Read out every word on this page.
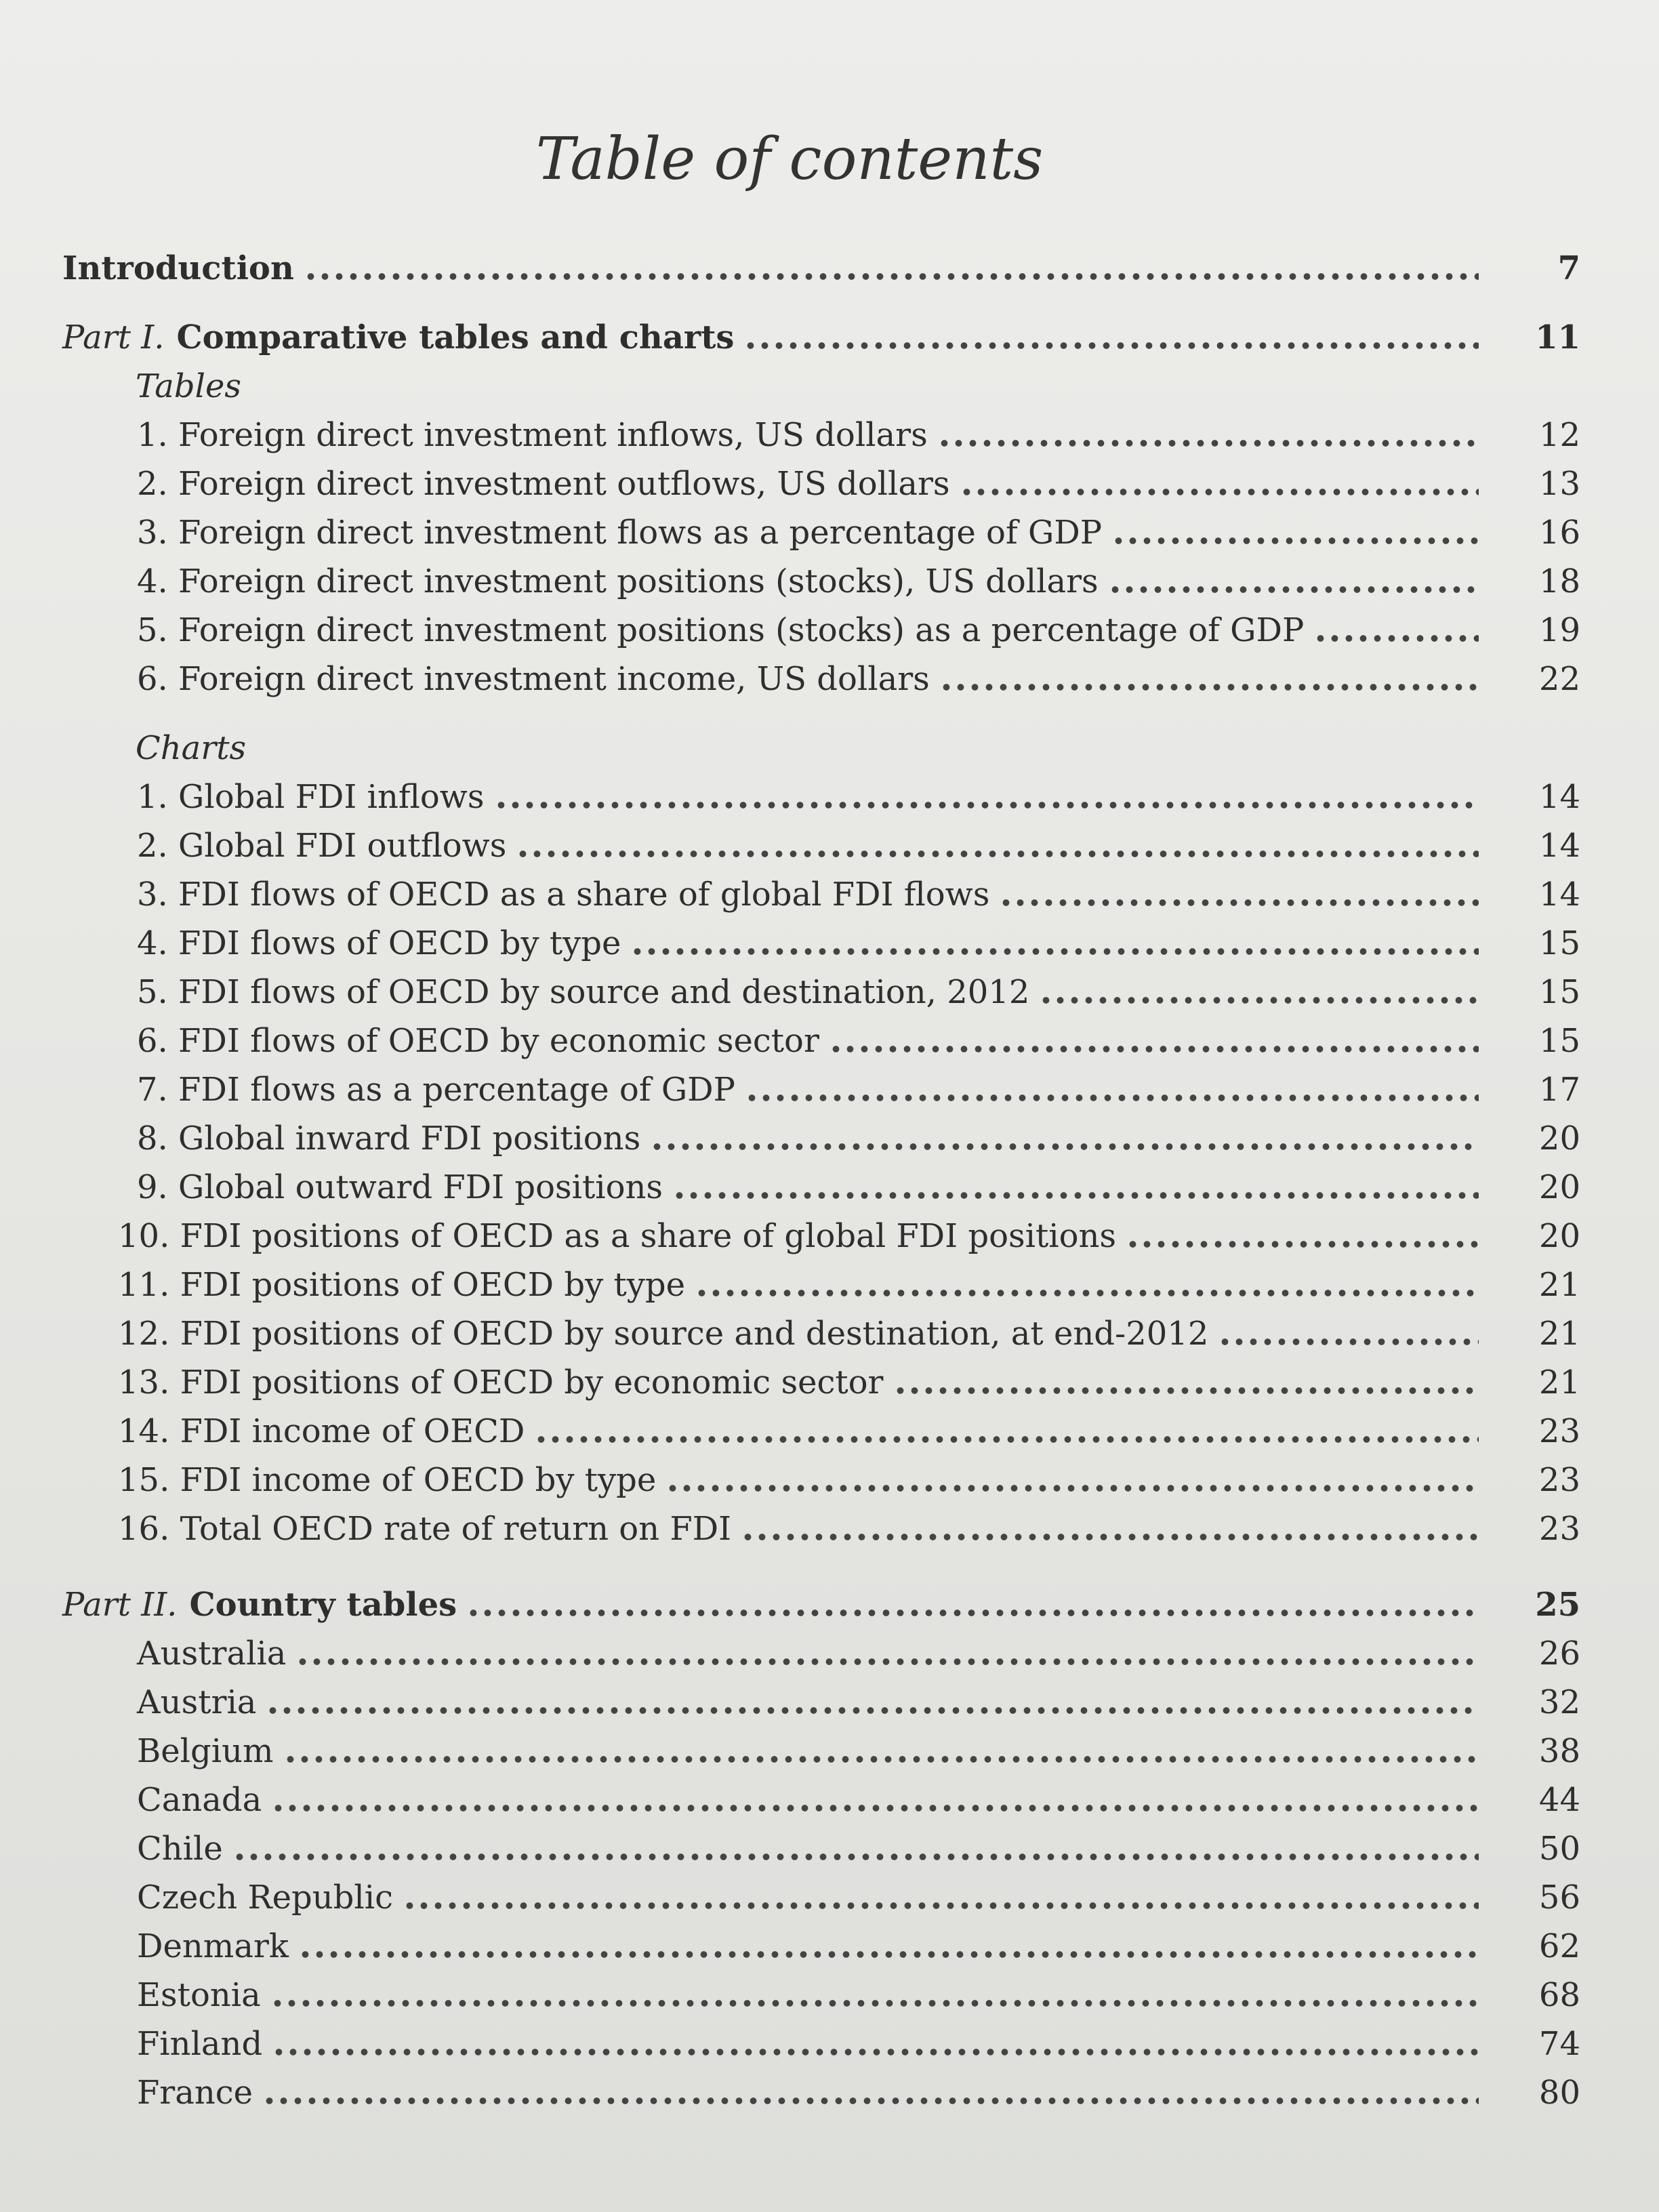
Table of contents
Introduction	7
Part I. Comparative tables and charts	11
Tables
1. Foreign direct investment inflows, US dollars	12
2. Foreign direct investment outflows, US dollars	13
3. Foreign direct investment flows as a percentage of GDP	16
4. Foreign direct investment positions (stocks), US dollars	18
5. Foreign direct investment positions (stocks) as a percentage of GDP	19
6. Foreign direct investment income, US dollars	22
Charts
1. Global FDI inflows	14
2. Global FDI outflows	14
3. FDI flows of OECD as a share of global FDI flows	14
4. FDI flows of OECD by type	15
5. FDI flows of OECD by source and destination, 2012	15
6. FDI flows of OECD by economic sector	15
7. FDI flows as a percentage of GDP	17
8. Global inward FDI positions	20
9. Global outward FDI positions	20
10. FDI positions of OECD as a share of global FDI positions	20
11. FDI positions of OECD by type	21
12. FDI positions of OECD by source and destination, at end-2012	21
13. FDI positions of OECD by economic sector	21
14. FDI income of OECD	23
15. FDI income of OECD by type	23
16. Total OECD rate of return on FDI	23
Part II. Country tables	25
Australia	26
Austria	32
Belgium	38
Canada	44
Chile	50
Czech Republic	56
Denmark	62
Estonia	68
Finland	74
France	80
